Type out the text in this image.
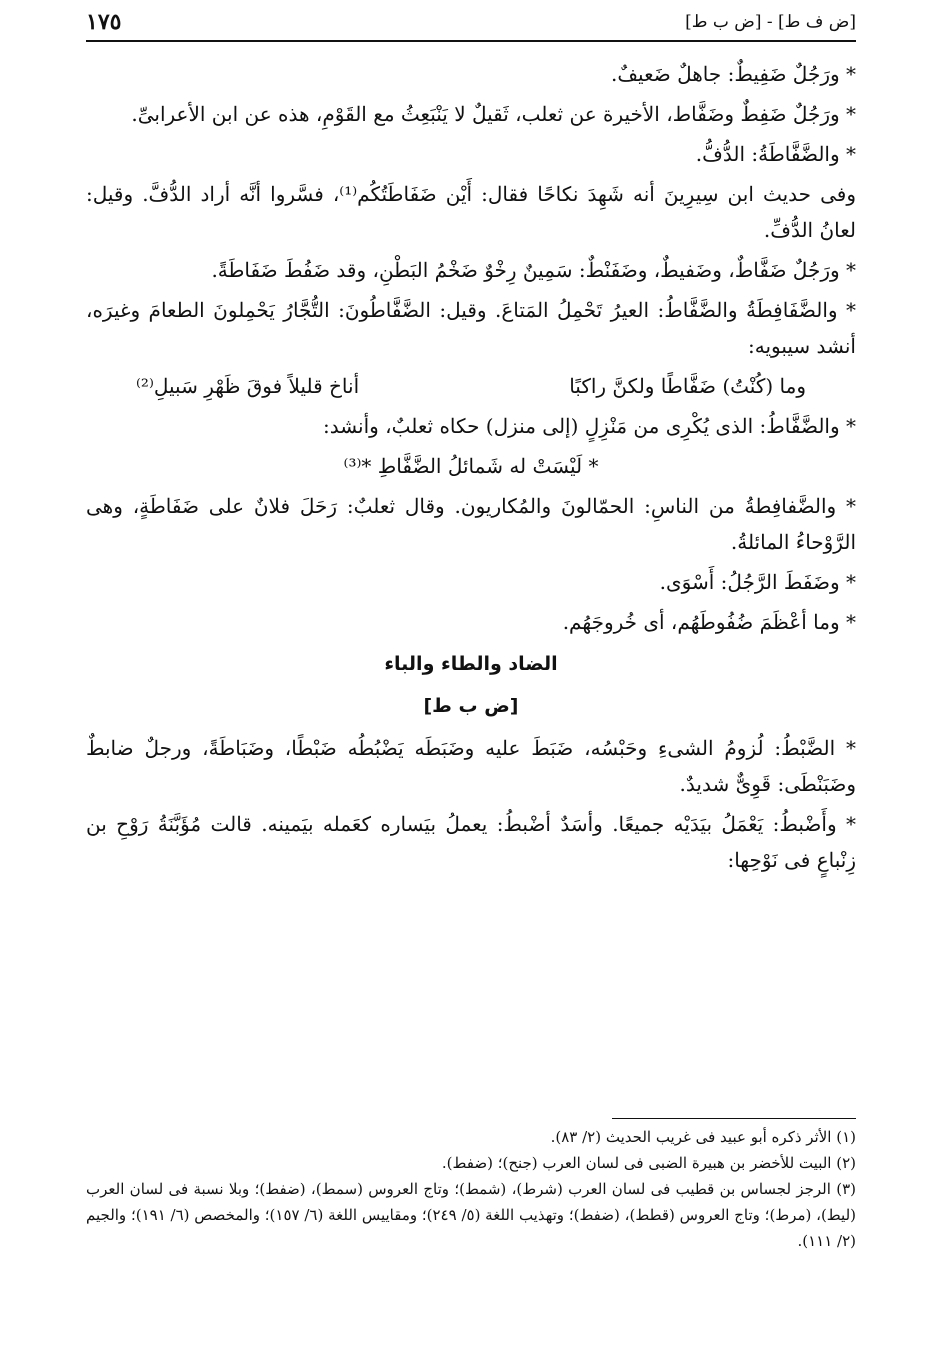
[ض ف ط] - [ض ب ط]
١٧٥

* ورَجُلٌ ضَفِيطٌ: جاهلٌ ضَعيفٌ.

* ورَجُلٌ ضَفِطٌ وضَفَّاط، الأخيرة عن ثعلب، ثَقيلٌ لا يَنْبَعِثُ مع القَوْمِ، هذه عن ابن الأعرابىِّ.

* والضَّفَّاطَةُ: الدُّفُّ.

وفى حديث ابن سِيرِينَ أنه شَهِدَ نكاحًا فقال: أَيْن ضَفَاطَتُكُم⁽¹⁾، فسَّروا أنَّه أراد الدُّفَّ. وقيل: لعانُ الدُّفِّ.

* ورَجُلٌ ضَفَّاطٌ، وضَفيطٌ، وضَفَنْطٌ: سَمِينٌ رِخْوٌ ضَخْمُ البَطْنِ، وقد ضَفُطَ ضَفَاطَةً.

* والضَّفَافِطَةُ والضَّفَّاطُ: العيرُ تَحْمِلُ المَتاعَ. وقيل: الضَّفَّاطُونَ: التُّجَّارُ يَحْمِلونَ الطعامَ وغيرَه، أنشد سيبويه:

وما (كُنْتُ) ضَفَّاطًا ولكنَّ راكبًا
أناخ قليلاً فوقَ ظَهْرِ سَبيلِ⁽²⁾

* والضَّفَّاطُ: الذى يُكْرِى من مَنْزِلٍ (إلى منزل) حكاه ثعلبٌ، وأنشد:

* لَيْسَتْ له شَمائلُ الضَّفَّاطِ *⁽³⁾

* والضَّفافِطةُ من الناسِ: الحمّالونَ والمُكاريون. وقال ثعلبٌ: رَحَلَ فلانٌ على ضَفَاطَةٍ، وهى الرَّوْحاءُ المائلةُ.

* وضَفَطَ الرَّجُلُ: أَسْوَى.

* وما أعْظَمَ ضُفُوطَهُم، أى خُروجَهُم.

الضاد والطاء والباء
[ض ب ط]

* الضَّبْطُ: لُزومُ الشىءِ وحَبْسُه، ضَبَطَ عليه وضَبَطَه يَضْبُطُه ضَبْطًا، وضَبَاطَةً، ورجلٌ ضابطٌ وضَبَنْطَى: قَوِىٌّ شديدٌ.

* وأَضْبطُ: يَعْمَلُ بيَدَيْه جميعًا. وأسَدٌ أضْبطُ: يعملُ بيَساره كعَمله بيَمينه. قالت مُؤَبَّنَةُ رَوْحِ بن زِنْباعٍ فى نَوْحِها:

(١) الأثر ذكره أبو عبيد فى غريب الحديث (٢/ ٨٣).

(٢) البيت للأخضر بن هبيرة الضبى فى لسان العرب (جنح)؛ (ضفط).

(٣) الرجز لجساس بن قطيب فى لسان العرب (شرط)، (شمط)؛ وتاج العروس (سمط)، (ضفط)؛ وبلا نسبة فى لسان العرب (ليط)، (مرط)؛ وتاج العروس (قطط)، (ضفط)؛ وتهذيب اللغة (٥/ ٢٤٩)؛ ومقاييس اللغة (٦/ ١٥٧)؛ والمخصص (٦/ ١٩١)؛ والجيم (٢/ ١١١).
